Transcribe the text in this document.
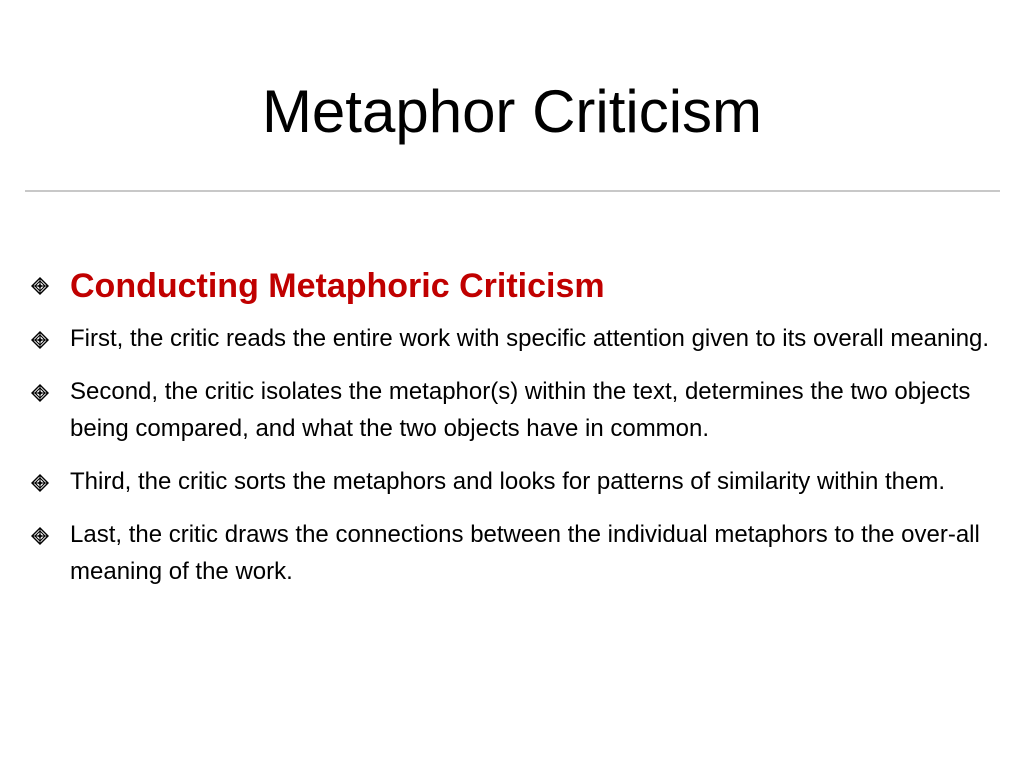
Metaphor Criticism
Conducting Metaphoric Criticism
First, the critic reads the entire work with specific attention given to its overall meaning.
Second, the critic isolates the metaphor(s) within the text, determines the two objects being compared, and what the two objects have in common.
Third, the critic sorts the metaphors and looks for patterns of similarity within them.
Last, the critic draws the connections between the individual metaphors to the over-all meaning of the work.
